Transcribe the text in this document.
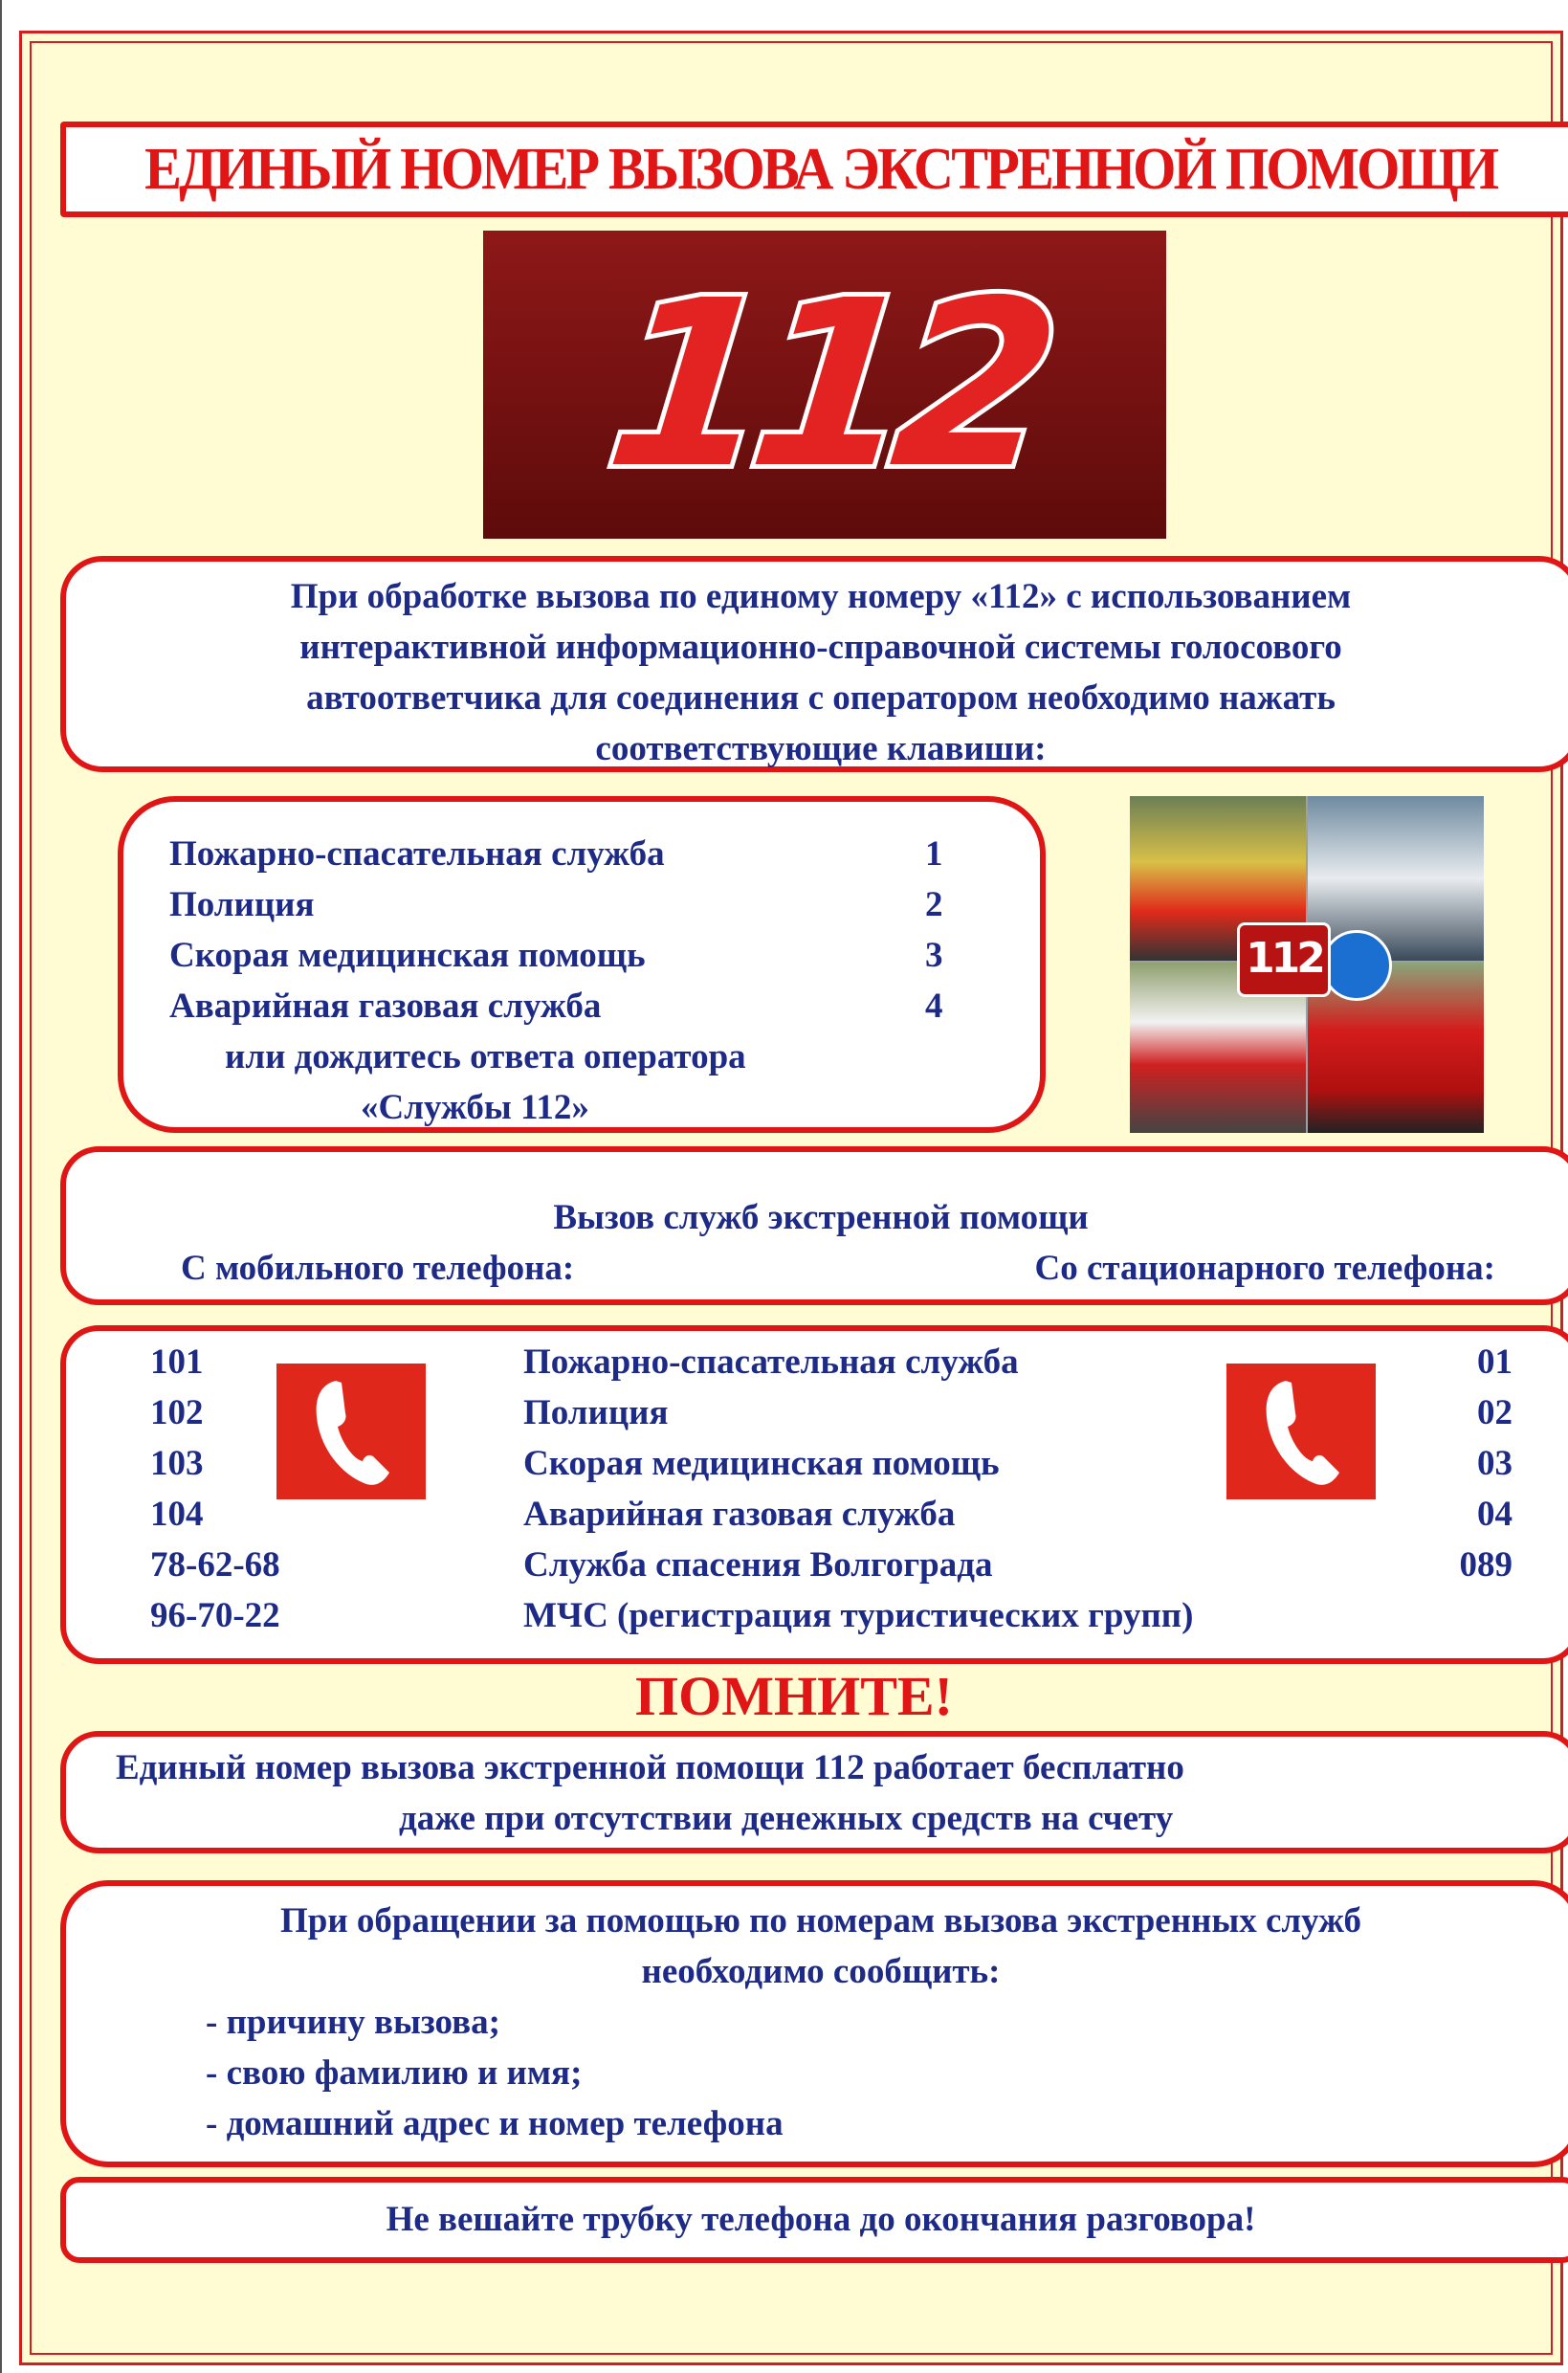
ЕДИНЫЙ НОМЕР ВЫЗОВА ЭКСТРЕННОЙ ПОМОЩИ
112
При обработке вызова по единому номеру «112» с использованием
интерактивной информационно-справочной системы голосового
автоответчика для соединения с оператором необходимо нажать
соответствующие клавиши:
Пожарно-спасательная служба	1
Полиция	2
Скорая медицинская помощь	3
Аварийная газовая служба	4
или дождитесь ответа оператора
«Службы 112»
112
Вызов служб экстренной помощи
С мобильного телефона:	Со стационарного телефона:
101	Пожарно-спасательная служба	01
102	Полиция	02
103	Скорая медицинская помощь	03
104	Аварийная газовая служба	04
78-62-68	Служба спасения Волгограда	089
96-70-22	МЧС (регистрация туристических групп)
ПОМНИТЕ!
Единый номер вызова экстренной помощи 112 работает бесплатно
даже при отсутствии денежных средств на счету
При обращении за помощью по номерам вызова экстренных служб
необходимо сообщить:
- причину вызова;
- свою фамилию и имя;
- домашний адрес и номер телефона
Не вешайте трубку телефона до окончания разговора!
